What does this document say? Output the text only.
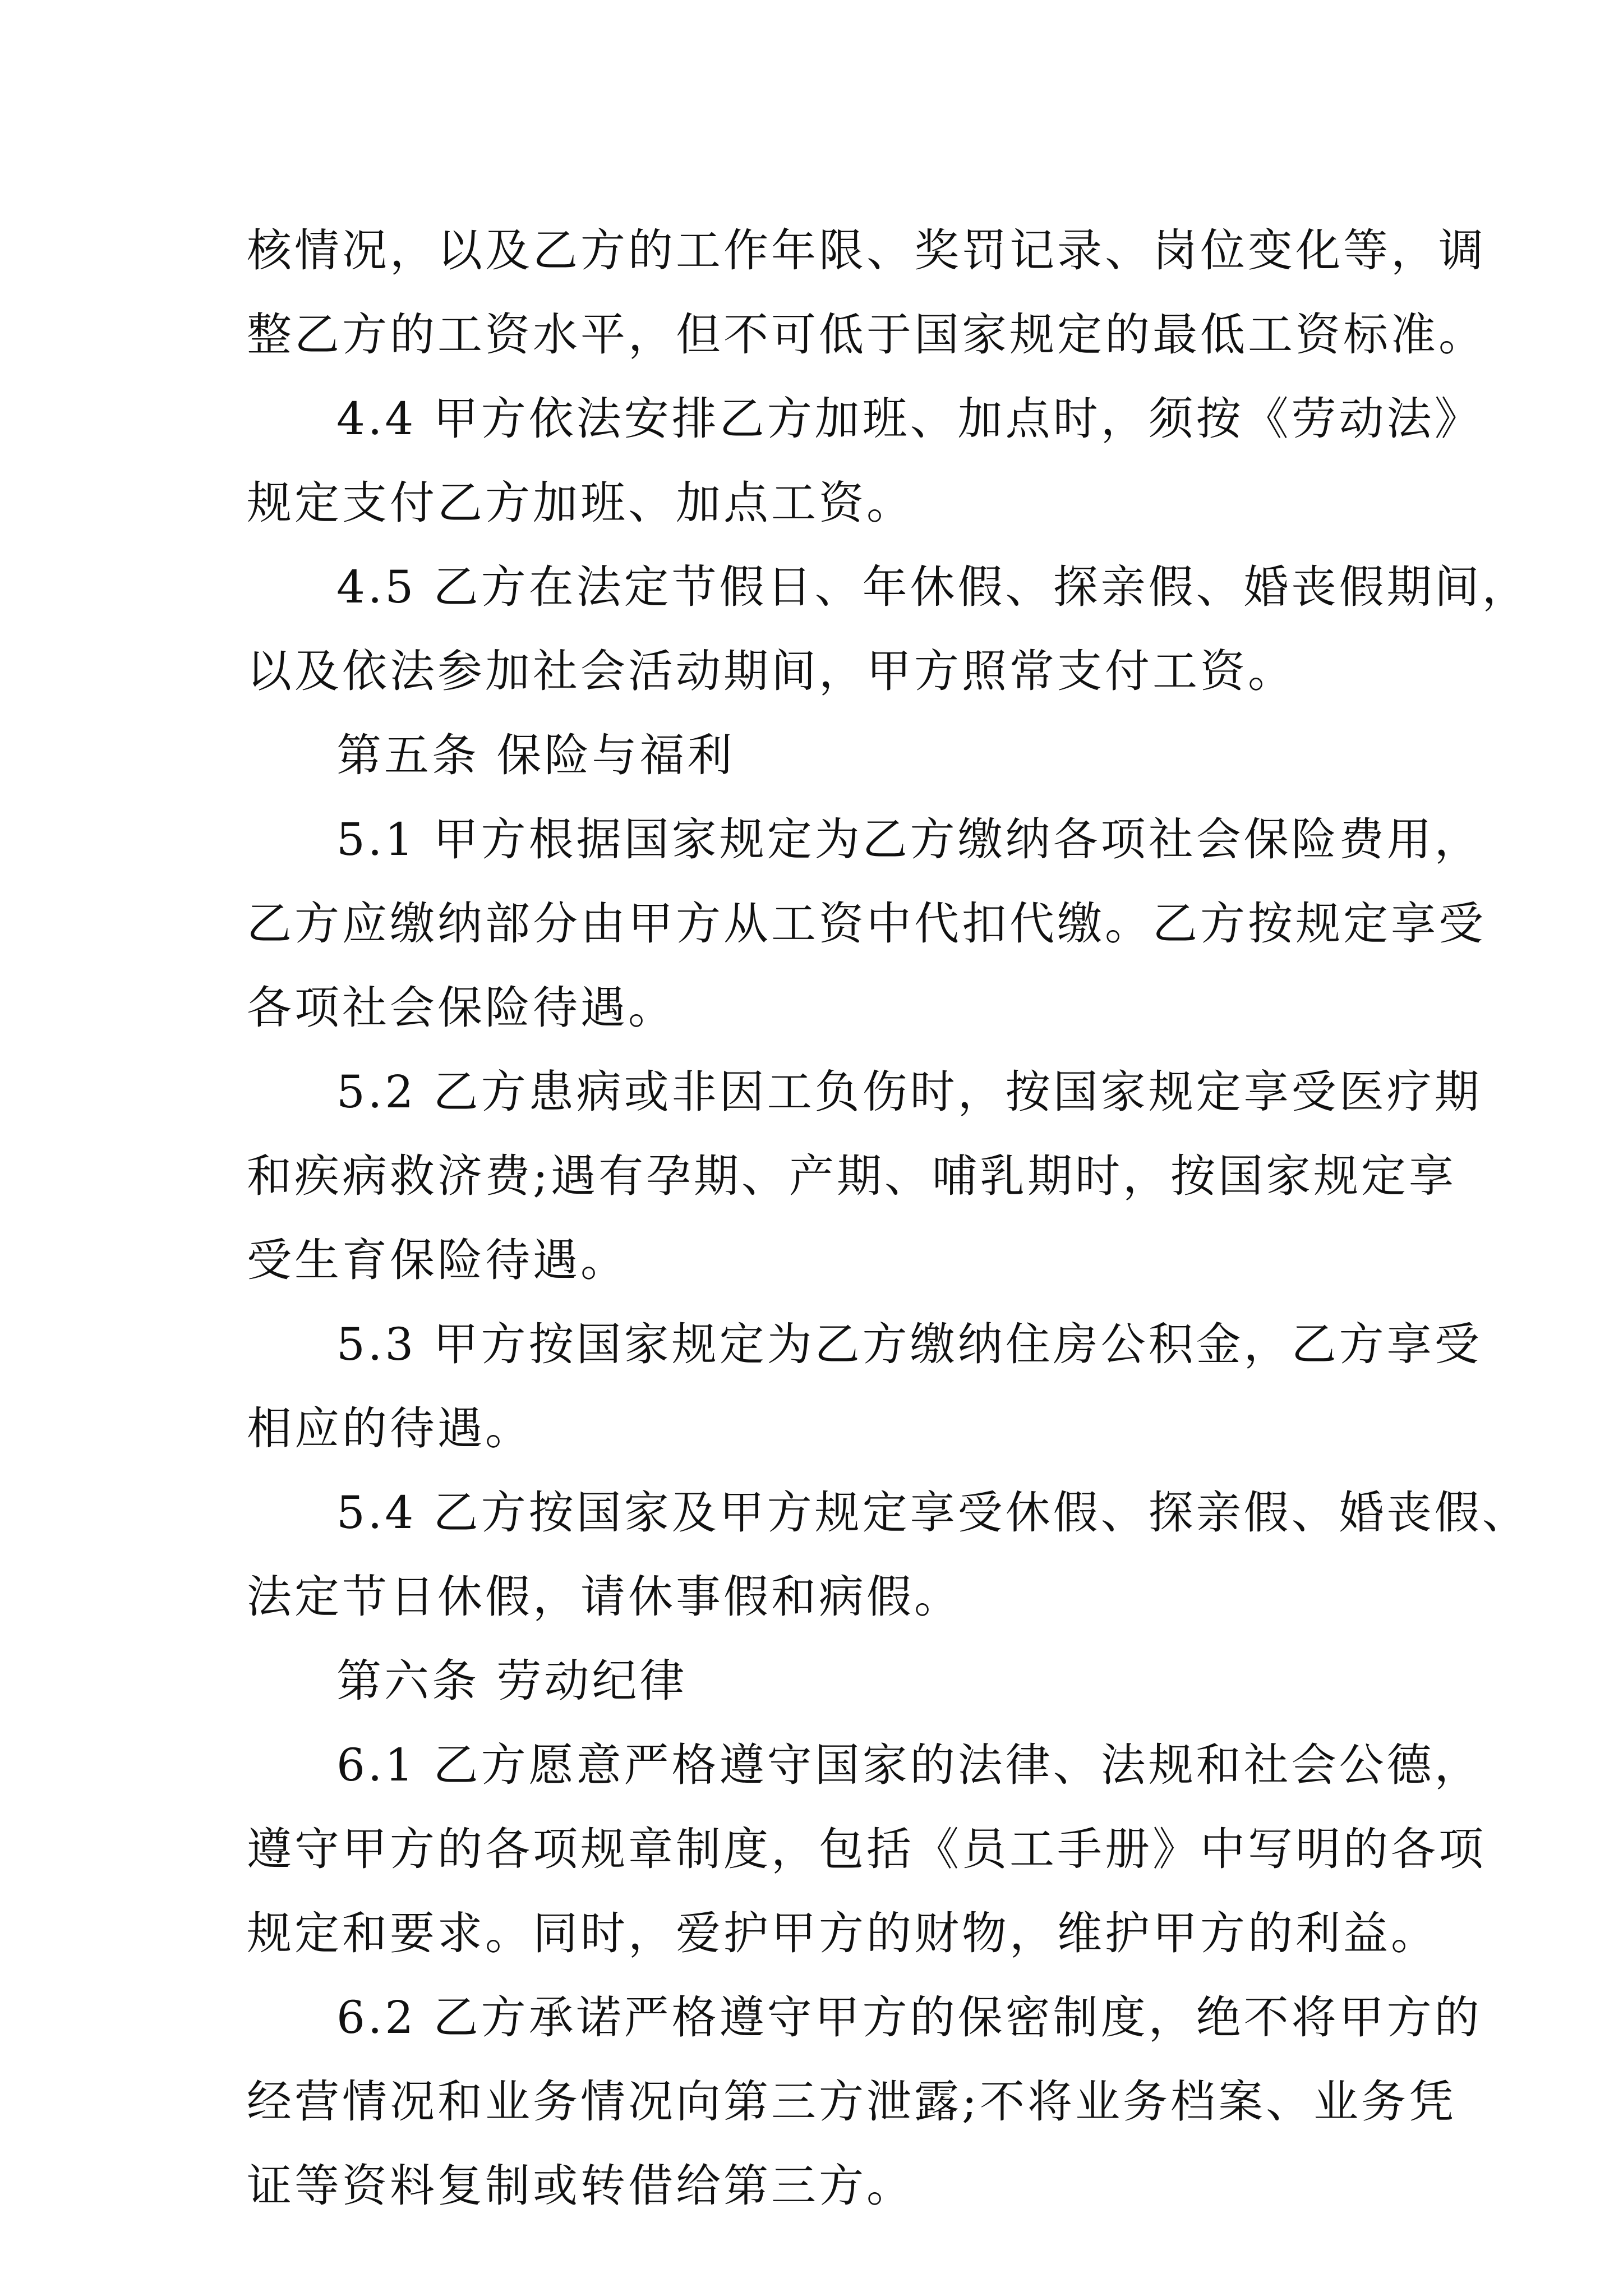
核情况，以及乙方的工作年限、奖罚记录、岗位变化等，调
整乙方的工资水平，但不可低于国家规定的最低工资标准。
4.4 甲方依法安排乙方加班、加点时，须按《劳动法》
规定支付乙方加班、加点工资。
4.5 乙方在法定节假日、年休假、探亲假、婚丧假期间，
以及依法参加社会活动期间，甲方照常支付工资。
第五条 保险与福利
5.1 甲方根据国家规定为乙方缴纳各项社会保险费用，
乙方应缴纳部分由甲方从工资中代扣代缴。乙方按规定享受
各项社会保险待遇。
5.2 乙方患病或非因工负伤时，按国家规定享受医疗期
和疾病救济费;遇有孕期、产期、哺乳期时，按国家规定享
受生育保险待遇。
5.3 甲方按国家规定为乙方缴纳住房公积金，乙方享受
相应的待遇。
5.4 乙方按国家及甲方规定享受休假、探亲假、婚丧假、
法定节日休假，请休事假和病假。
第六条 劳动纪律
6.1 乙方愿意严格遵守国家的法律、法规和社会公德，
遵守甲方的各项规章制度，包括《员工手册》中写明的各项
规定和要求。同时，爱护甲方的财物，维护甲方的利益。
6.2 乙方承诺严格遵守甲方的保密制度，绝不将甲方的
经营情况和业务情况向第三方泄露;不将业务档案、业务凭
证等资料复制或转借给第三方。
